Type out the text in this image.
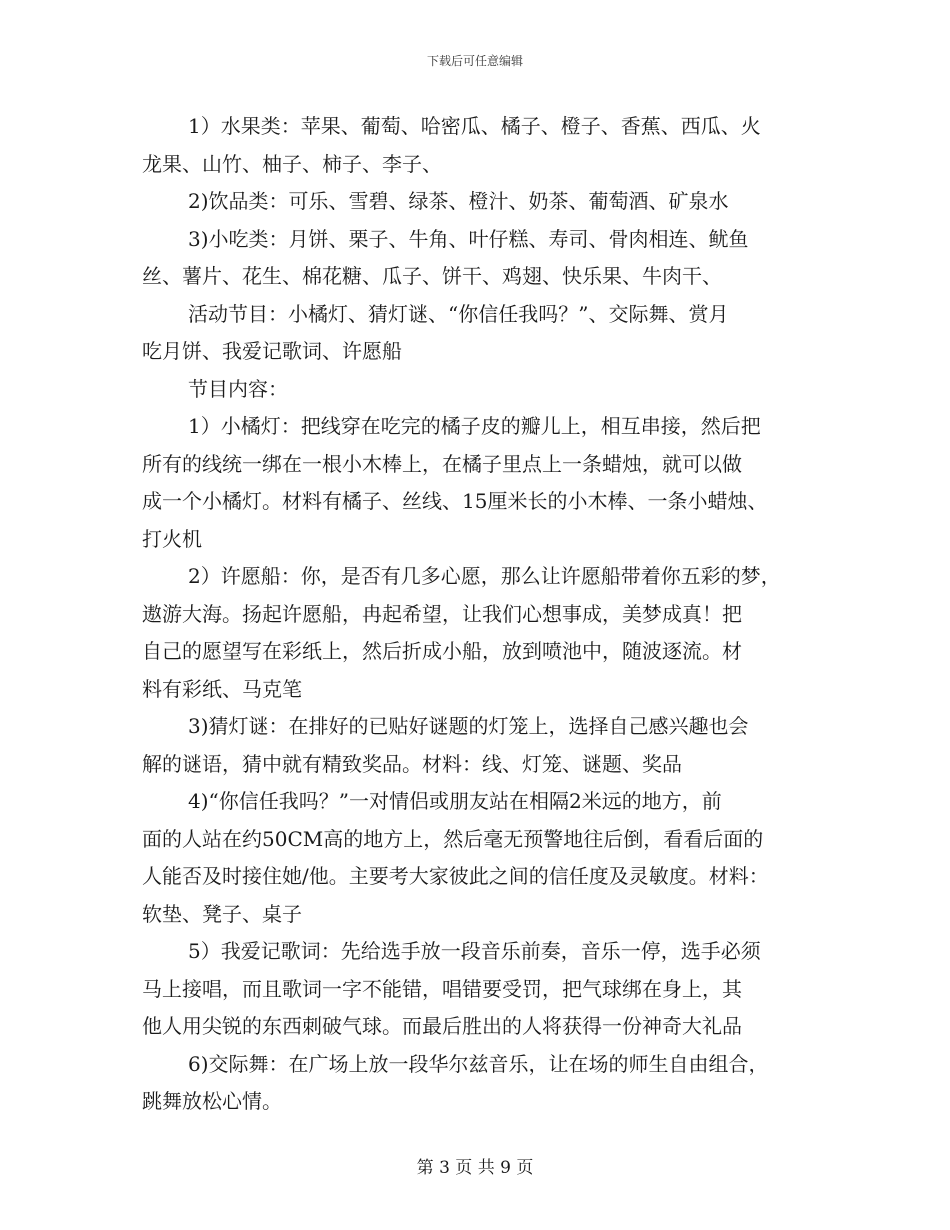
下载后可任意编辑
1）水果类：苹果、葡萄、哈密瓜、橘子、橙子、香蕉、西瓜、火
龙果、山竹、柚子、柿子、李子、
2)饮品类：可乐、雪碧、绿茶、橙汁、奶茶、葡萄酒、矿泉水
3)小吃类：月饼、栗子、牛角、叶仔糕、寿司、骨肉相连、鱿鱼
丝、薯片、花生、棉花糖、瓜子、饼干、鸡翅、快乐果、牛肉干、
活动节目：小橘灯、猜灯谜、“你信任我吗？”、交际舞、赏月
吃月饼、我爱记歌词、许愿船
节目内容：
1）小橘灯：把线穿在吃完的橘子皮的瓣儿上，相互串接，然后把
所有的线统一绑在一根小木棒上，在橘子里点上一条蜡烛，就可以做
成一个小橘灯。材料有橘子、丝线、15厘米长的小木棒、一条小蜡烛、
打火机
2）许愿船：你，是否有几多心愿，那么让许愿船带着你五彩的梦，
遨游大海。扬起许愿船，冉起希望，让我们心想事成，美梦成真！把
自己的愿望写在彩纸上，然后折成小船，放到喷池中，随波逐流。材
料有彩纸、马克笔
3)猜灯谜：在排好的已贴好谜题的灯笼上，选择自己感兴趣也会
解的谜语，猜中就有精致奖品。材料：线、灯笼、谜题、奖品
4)“你信任我吗？”一对情侣或朋友站在相隔2米远的地方，前
面的人站在约50CM高的地方上，然后毫无预警地往后倒，看看后面的
人能否及时接住她/他。主要考大家彼此之间的信任度及灵敏度。材料：
软垫、凳子、桌子
5）我爱记歌词：先给选手放一段音乐前奏，音乐一停，选手必须
马上接唱，而且歌词一字不能错，唱错要受罚，把气球绑在身上，其
他人用尖锐的东西刺破气球。而最后胜出的人将获得一份神奇大礼品
6)交际舞：在广场上放一段华尔兹音乐，让在场的师生自由组合，
跳舞放松心情。
第 3 页 共 9 页
